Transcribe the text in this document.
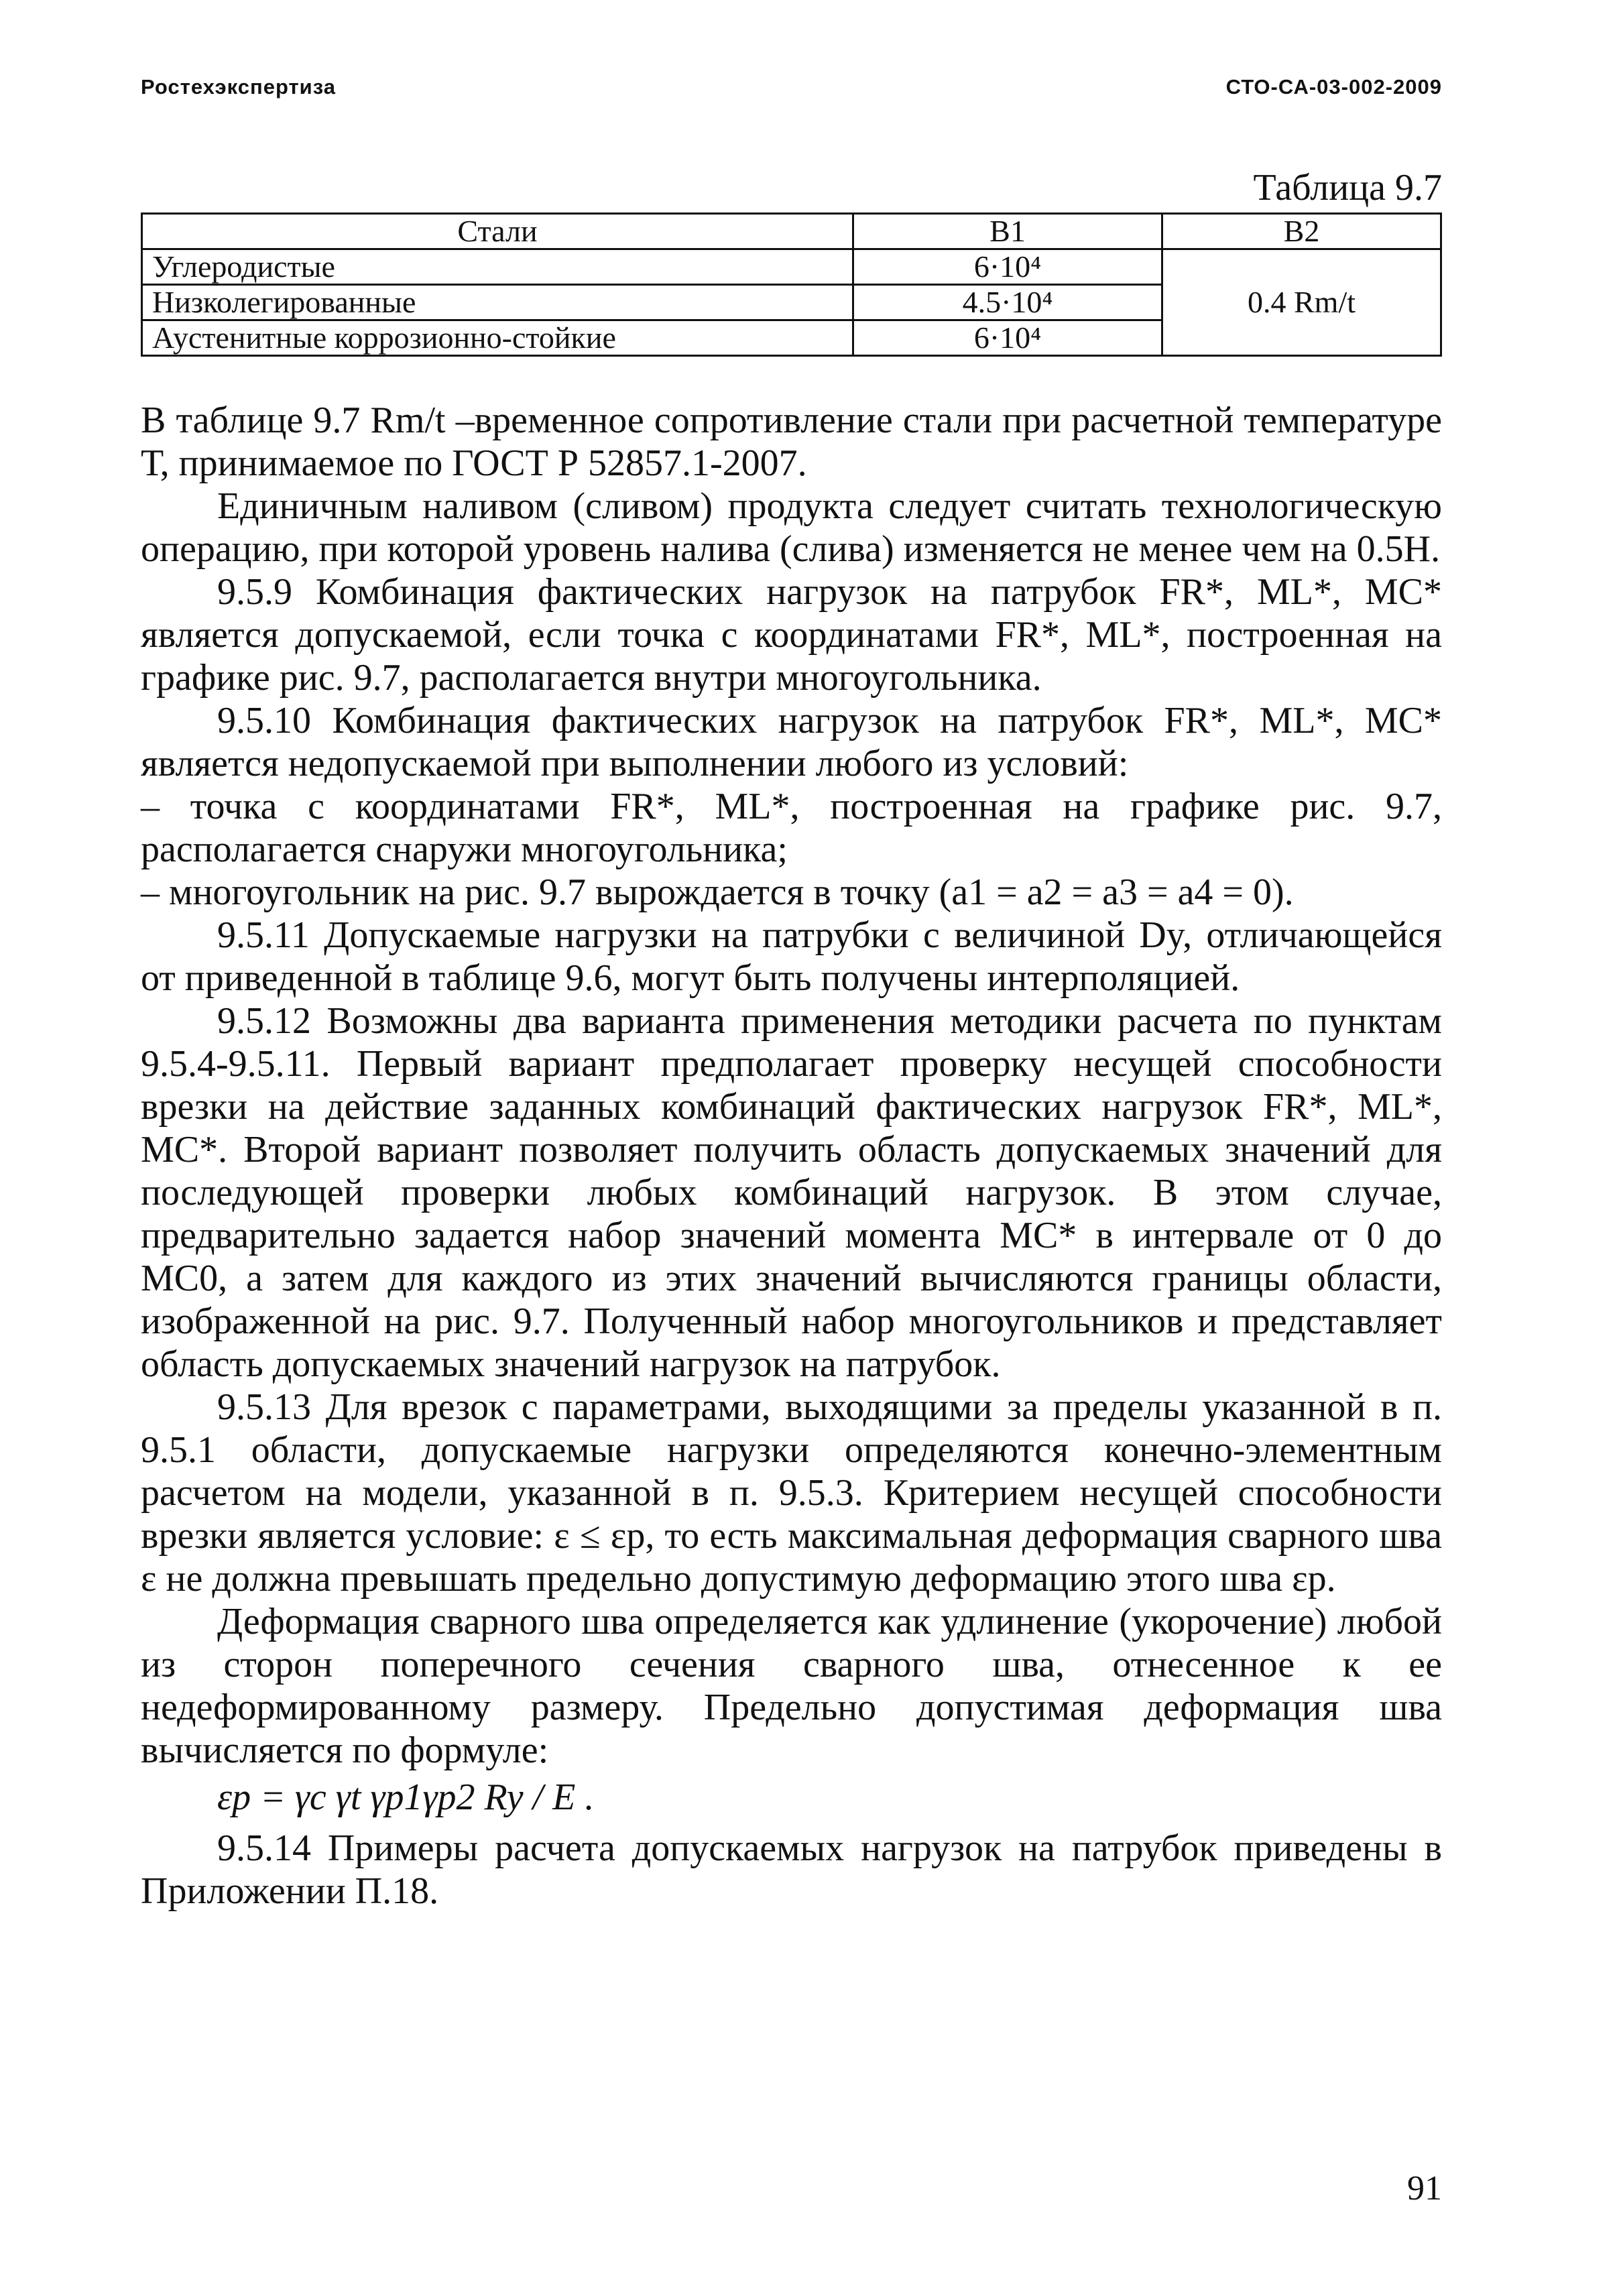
Ростехэкспертиза	СТО-СА-03-002-2009
Таблица 9.7
Стали	B1	B2
Углеродистые	6·10⁴	0.4 Rm/t
Низколегированные	4.5·10⁴	
Аустенитные коррозионно-стойкие	6·10⁴	

В таблице 9.7 Rm/t –временное сопротивление стали при расчетной температуре Т, принимаемое по ГОСТ Р 52857.1-2007.

Единичным наливом (сливом) продукта следует считать технологическую операцию, при которой уровень налива (слива) изменяется не менее чем на 0.5Н.

9.5.9 Комбинация фактических нагрузок на патрубок FR*, ML*, MC* является допускаемой, если точка с координатами FR*, ML*, построенная на графике рис. 9.7, располагается внутри многоугольника.

9.5.10 Комбинация фактических нагрузок на патрубок FR*, ML*, MC* является недопускаемой при выполнении любого из условий:

– точка с координатами FR*, ML*, построенная на графике рис. 9.7, располагается снаружи многоугольника;

– многоугольник на рис. 9.7 вырождается в точку (a1 = a2 = a3 = a4 = 0).

9.5.11 Допускаемые нагрузки на патрубки с величиной Dy, отличающейся от приведенной в таблице 9.6, могут быть получены интерполяцией.

9.5.12 Возможны два варианта применения методики расчета по пунктам 9.5.4-9.5.11. Первый вариант предполагает проверку несущей способности врезки на действие заданных комбинаций фактических нагрузок FR*, ML*, MC*. Второй вариант позволяет получить область допускаемых значений для последующей проверки любых комбинаций нагрузок. В этом случае, предварительно задается набор значений момента MC* в интервале от 0 до MC0, а затем для каждого из этих значений вычисляются границы области, изображенной на рис. 9.7. Полученный набор многоугольников и представляет область допускаемых значений нагрузок на патрубок.

9.5.13 Для врезок с параметрами, выходящими за пределы указанной в п. 9.5.1 области, допускаемые нагрузки определяются конечно-элементным расчетом на модели, указанной в п. 9.5.3. Критерием несущей способности врезки является условие: ε ≤ εp, то есть максимальная деформация сварного шва ε не должна превышать предельно допустимую деформацию этого шва εp.

Деформация сварного шва определяется как удлинение (укорочение) любой из сторон поперечного сечения сварного шва, отнесенное к ее недеформированному размеру. Предельно допустимая деформация шва вычисляется по формуле:

εp = γc γt γp1γp2 Ry / E .

9.5.14 Примеры расчета допускаемых нагрузок на патрубок приведены в Приложении П.18.

91
